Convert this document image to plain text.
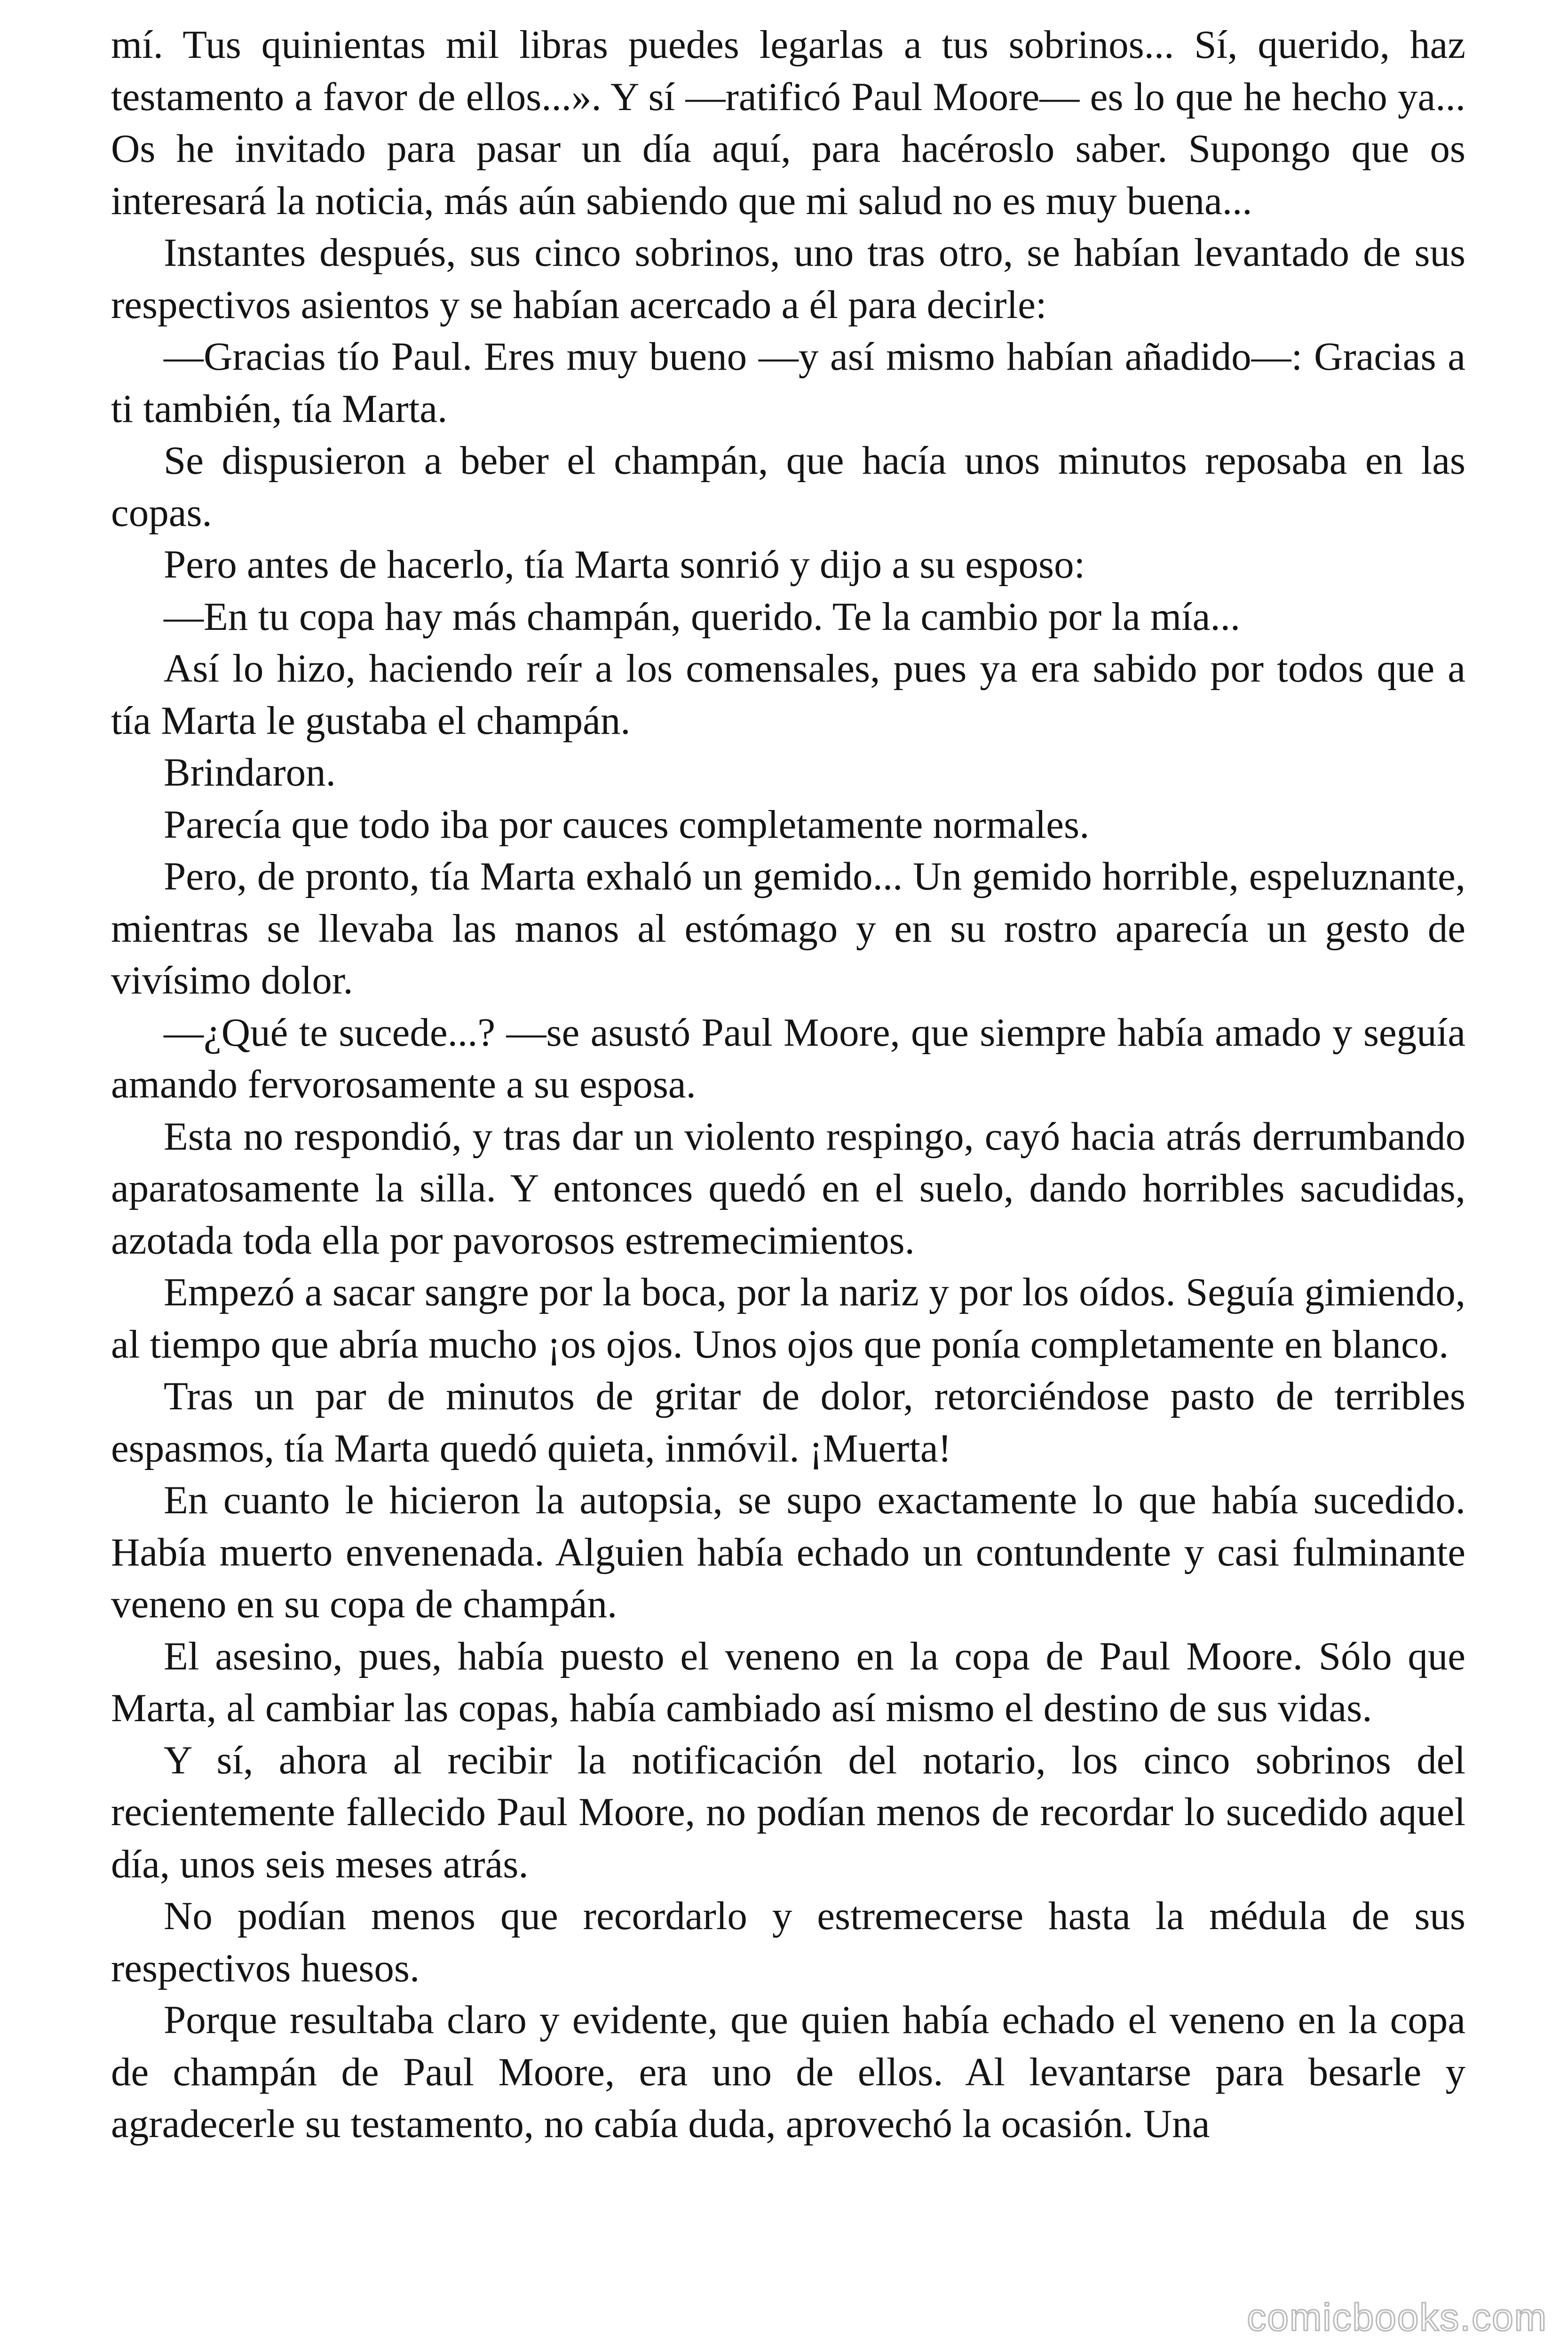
mí. Tus quinientas mil libras puedes legarlas a tus sobrinos... Sí, querido, haz testamento a favor de ellos...». Y sí —ratificó Paul Moore— es lo que he hecho ya... Os he invitado para pasar un día aquí, para hacéroslo saber. Supongo que os interesará la noticia, más aún sabiendo que mi salud no es muy buena...

Instantes después, sus cinco sobrinos, uno tras otro, se habían levantado de sus respectivos asientos y se habían acercado a él para decirle:

—Gracias tío Paul. Eres muy bueno —y así mismo habían añadido—: Gracias a ti también, tía Marta.

Se dispusieron a beber el champán, que hacía unos minutos reposaba en las copas.

Pero antes de hacerlo, tía Marta sonrió y dijo a su esposo:

—En tu copa hay más champán, querido. Te la cambio por la mía...

Así lo hizo, haciendo reír a los comensales, pues ya era sabido por todos que a tía Marta le gustaba el champán.

Brindaron.

Parecía que todo iba por cauces completamente normales.

Pero, de pronto, tía Marta exhaló un gemido... Un gemido horrible, espeluznante, mientras se llevaba las manos al estómago y en su rostro aparecía un gesto de vivísimo dolor.

—¿Qué te sucede...? —se asustó Paul Moore, que siempre había amado y seguía amando fervorosamente a su esposa.

Esta no respondió, y tras dar un violento respingo, cayó hacia atrás derrumbando aparatosamente la silla. Y entonces quedó en el suelo, dando horribles sacudidas, azotada toda ella por pavorosos estremecimientos.

Empezó a sacar sangre por la boca, por la nariz y por los oídos. Seguía gimiendo, al tiempo que abría mucho ¡os ojos. Unos ojos que ponía completamente en blanco.

Tras un par de minutos de gritar de dolor, retorciéndose pasto de terribles espasmos, tía Marta quedó quieta, inmóvil. ¡Muerta!

En cuanto le hicieron la autopsia, se supo exactamente lo que había sucedido. Había muerto envenenada. Alguien había echado un contundente y casi fulminante veneno en su copa de champán.

El asesino, pues, había puesto el veneno en la copa de Paul Moore. Sólo que Marta, al cambiar las copas, había cambiado así mismo el destino de sus vidas.

Y sí, ahora al recibir la notificación del notario, los cinco sobrinos del recientemente fallecido Paul Moore, no podían menos de recordar lo sucedido aquel día, unos seis meses atrás.

No podían menos que recordarlo y estremecerse hasta la médula de sus respectivos huesos.

Porque resultaba claro y evidente, que quien había echado el veneno en la copa de champán de Paul Moore, era uno de ellos. Al levantarse para besarle y agradecerle su testamento, no cabía duda, aprovechó la ocasión. Una

comicbooks.com
